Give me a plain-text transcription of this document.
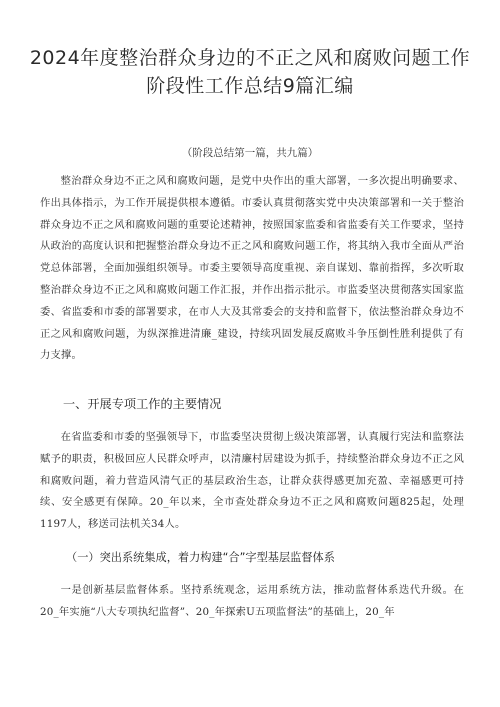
2024年度整治群众身边的不正之风和腐败问题工作
阶段性工作总结9篇汇编
（阶段总结第一篇，共九篇）

整治群众身边不正之风和腐败问题，是党中央作出的重大部署，一多次提出明确要求、作出具体指示，为工作开展提供根本遵循。市委认真贯彻落实党中央决策部署和一关于整治群众身边不正之风和腐败问题的重要论述精神，按照国家监委和省监委有关工作要求，坚持从政治的高度认识和把握整治群众身边不正之风和腐败问题工作，将其纳入我市全面从严治党总体部署，全面加强组织领导。市委主要领导高度重视、亲自谋划、靠前指挥，多次听取整治群众身边不正之风和腐败问题工作汇报，并作出指示批示。市监委坚决贯彻落实国家监委、省监委和市委的部署要求，在市人大及其常委会的支持和监督下，依法整治群众身边不正之风和腐败问题，为纵深推进清廉_建设，持续巩固发展反腐败斗争压倒性胜利提供了有力支撑。

一、开展专项工作的主要情况

在省监委和市委的坚强领导下，市监委坚决贯彻上级决策部署，认真履行宪法和监察法赋予的职责，积极回应人民群众呼声，以清廉村居建设为抓手，持续整治群众身边不正之风和腐败问题，着力营造风清气正的基层政治生态，让群众获得感更加充盈、幸福感更可持续、安全感更有保障。20_年以来，全市查处群众身边不正之风和腐败问题825起，处理1197人，移送司法机关34人。

（一）突出系统集成，着力构建“合”字型基层监督体系

一是创新基层监督体系。坚持系统观念，运用系统方法，推动监督体系迭代升级。在20_年实施“八大专项执纪监督”、20_年探索U五项监督法”的基础上，20_年
